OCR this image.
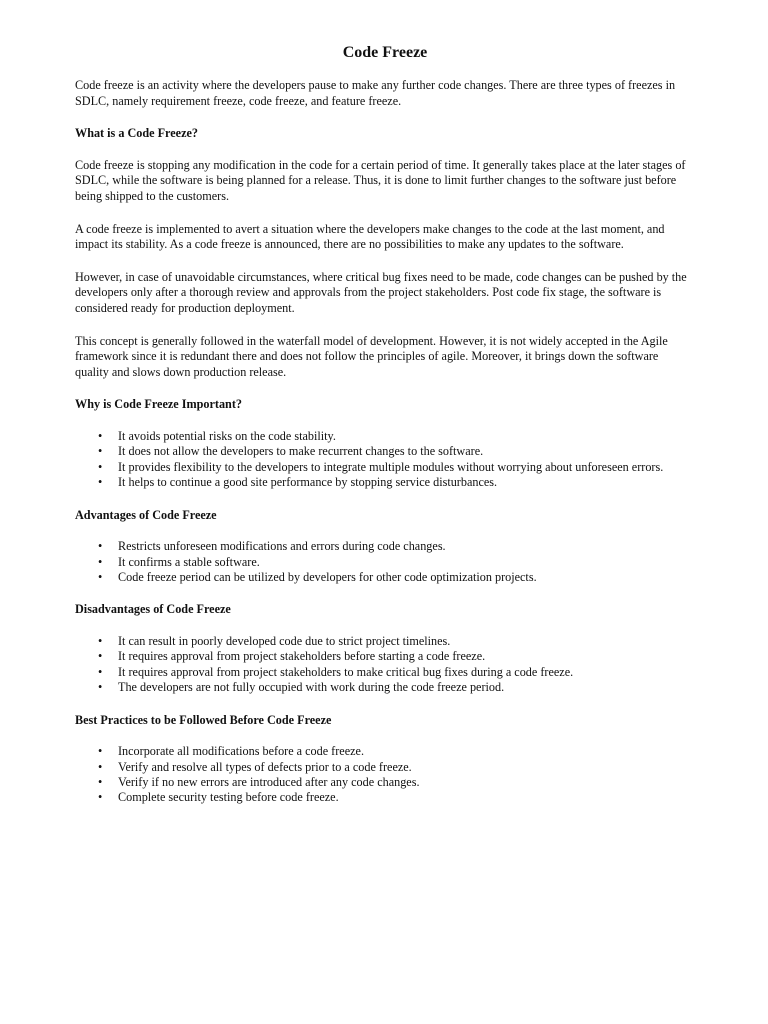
Code Freeze

Code freeze is an activity where the developers pause to make any further code changes. There are three types of freezes in SDLC, namely requirement freeze, code freeze, and feature freeze.

What is a Code Freeze?

Code freeze is stopping any modification in the code for a certain period of time. It generally takes place at the later stages of SDLC, while the software is being planned for a release. Thus, it is done to limit further changes to the software just before being shipped to the customers.

A code freeze is implemented to avert a situation where the developers make changes to the code at the last moment, and impact its stability. As a code freeze is announced, there are no possibilities to make any updates to the software.

However, in case of unavoidable circumstances, where critical bug fixes need to be made, code changes can be pushed by the developers only after a thorough review and approvals from the project stakeholders. Post code fix stage, the software is considered ready for production deployment.

This concept is generally followed in the waterfall model of development. However, it is not widely accepted in the Agile framework since it is redundant there and does not follow the principles of agile. Moreover, it brings down the software quality and slows down production release.

Why is Code Freeze Important?
• It avoids potential risks on the code stability.
• It does not allow the developers to make recurrent changes to the software.
• It provides flexibility to the developers to integrate multiple modules without worrying about unforeseen errors.
• It helps to continue a good site performance by stopping service disturbances.
Advantages of Code Freeze
• Restricts unforeseen modifications and errors during code changes.
• It confirms a stable software.
• Code freeze period can be utilized by developers for other code optimization projects.
Disadvantages of Code Freeze
• It can result in poorly developed code due to strict project timelines.
• It requires approval from project stakeholders before starting a code freeze.
• It requires approval from project stakeholders to make critical bug fixes during a code freeze.
• The developers are not fully occupied with work during the code freeze period.
Best Practices to be Followed Before Code Freeze
• Incorporate all modifications before a code freeze.
• Verify and resolve all types of defects prior to a code freeze.
• Verify if no new errors are introduced after any code changes.
• Complete security testing before code freeze.
